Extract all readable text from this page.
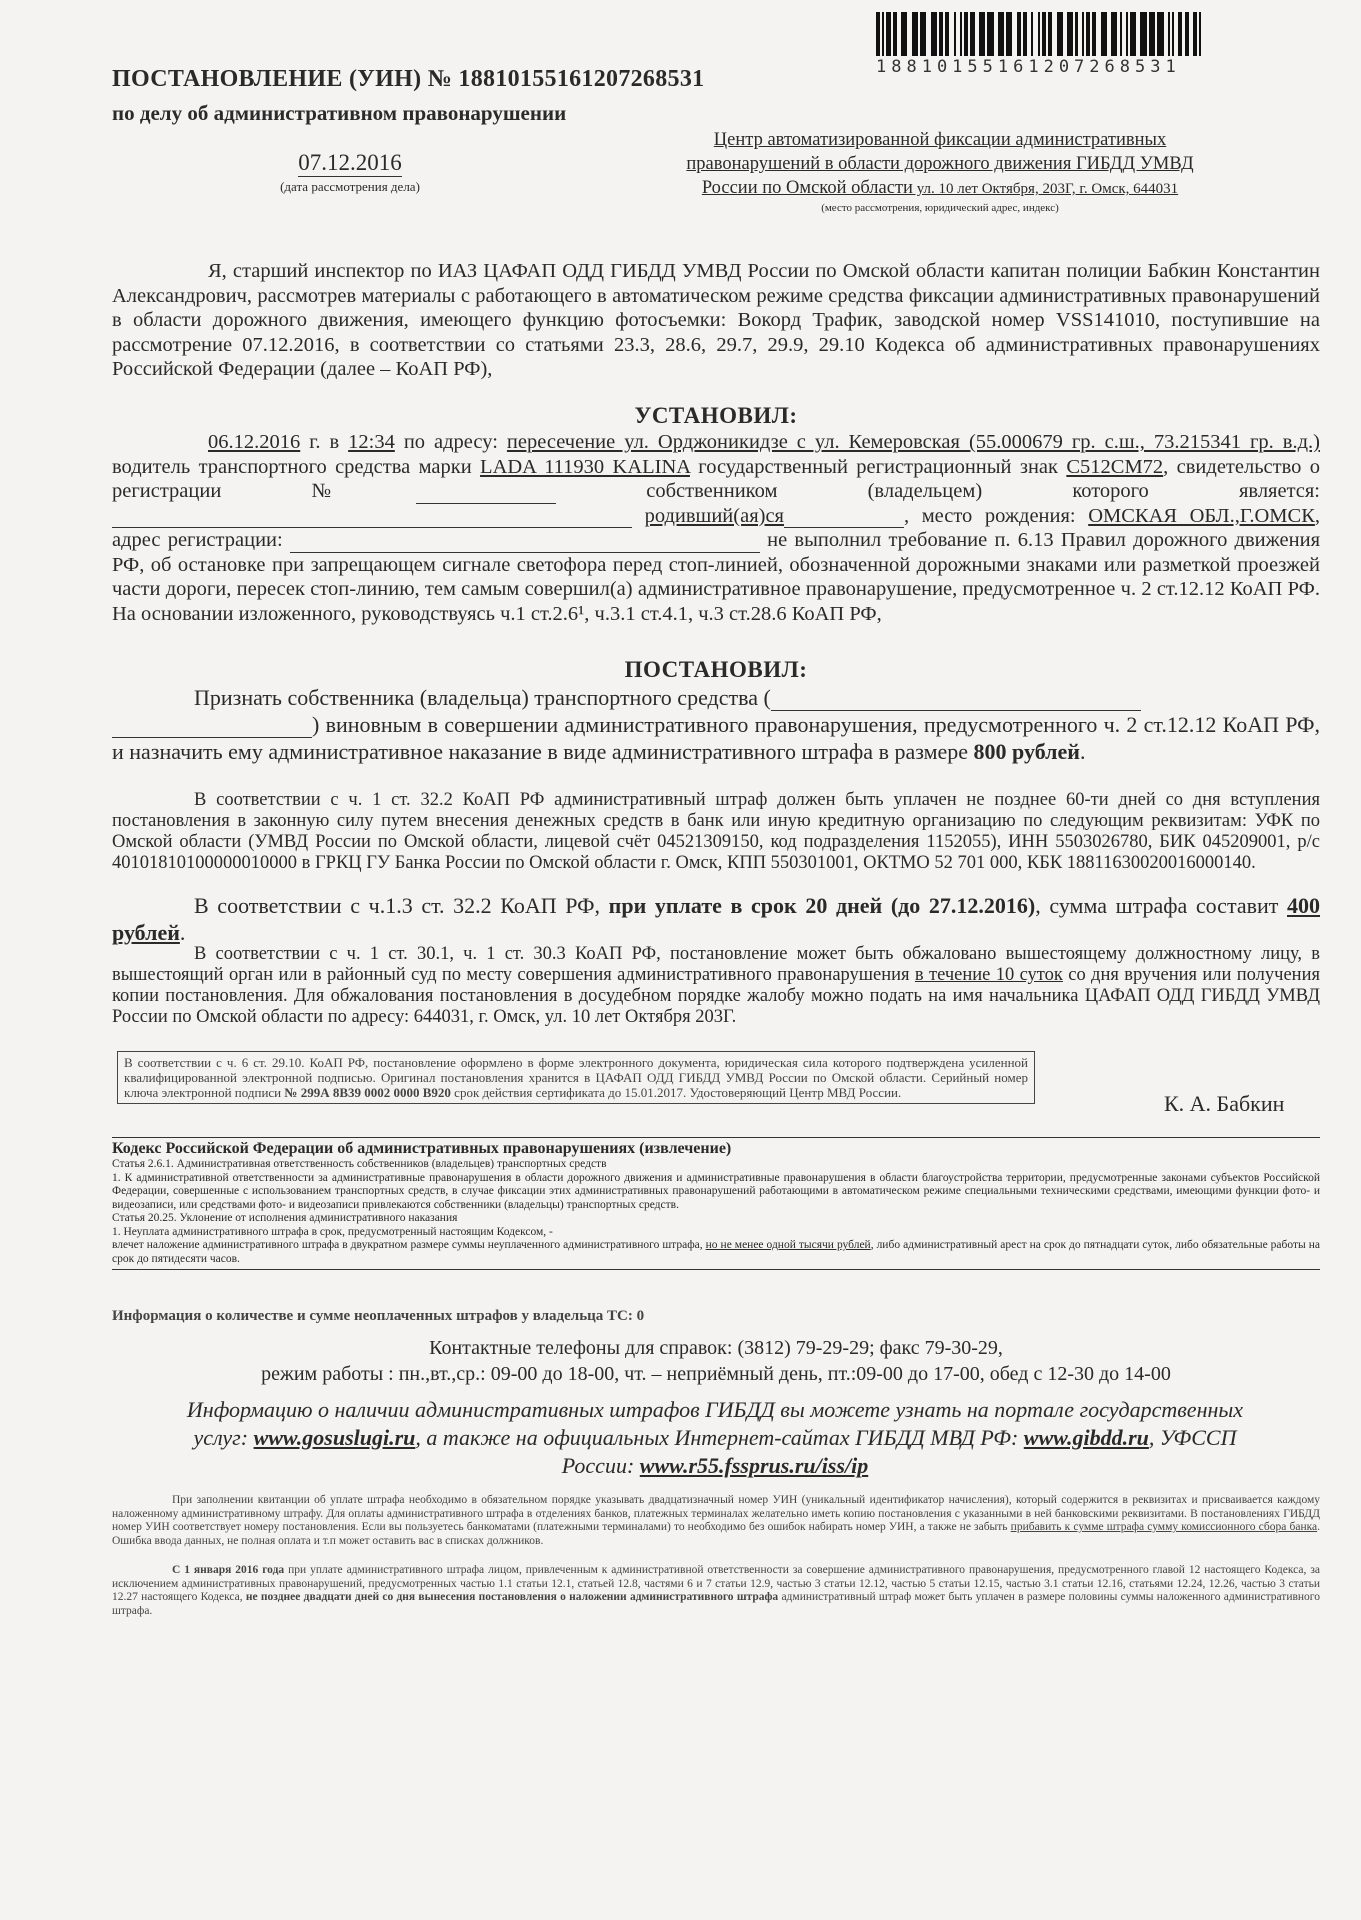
18810155161207268531
ПОСТАНОВЛЕНИЕ (УИН) № 18810155161207268531
по делу об административном правонарушении
07.12.2016
(дата рассмотрения дела)
Центр автоматизированной фиксации административных
правонарушений в области дорожного движения ГИБДД УМВД
России по Омской области ул. 10 лет Октября, 203Г, г. Омск, 644031
(место рассмотрения, юридический адрес, индекс)

Я, старший инспектор по ИАЗ ЦАФАП ОДД ГИБДД УМВД России по Омской области капитан полиции Бабкин Константин Александрович, рассмотрев материалы с работающего в автоматическом режиме средства фиксации административных правонарушений в области дорожного движения, имеющего функцию фотосъемки: Вокорд Трафик, заводской номер VSS141010, поступившие на рассмотрение 07.12.2016, в соответствии со статьями 23.3, 28.6, 29.7, 29.9, 29.10 Кодекса об административных правонарушениях Российской Федерации (далее – КоАП РФ),

УСТАНОВИЛ:

06.12.2016 г. в 12:34 по адресу: пересечение ул. Орджоникидзе с ул. Кемеровская (55.000679 гр. с.ш., 73.215341 гр. в.д.) водитель транспортного средства марки LADA 111930 KALINA государственный регистрационный знак С512СМ72, свидетельство о регистрации №	собственником (владельцем) которого является:  родивший(ая)ся	, место рождения: ОМСКАЯ ОБЛ.,Г.ОМСК, адрес регистрации:	не выполнил требование п. 6.13 Правил дорожного движения РФ, об остановке при запрещающем сигнале светофора перед стоп-линией, обозначенной дорожными знаками или разметкой проезжей части дороги, пересек стоп-линию, тем самым совершил(а) административное правонарушение, предусмотренное ч. 2 ст.12.12 КоАП РФ. На основании изложенного, руководствуясь ч.1 ст.2.6¹, ч.3.1 ст.4.1, ч.3 ст.28.6 КоАП РФ,

ПОСТАНОВИЛ:

Признать собственника (владельца) транспортного средства (
) виновным в совершении административного правонарушения, предусмотренного ч. 2 ст.12.12 КоАП РФ, и назначить ему административное наказание в виде административного штрафа в размере 800 рублей.

В соответствии с ч. 1 ст. 32.2 КоАП РФ административный штраф должен быть уплачен не позднее 60-ти дней со дня вступления постановления в законную силу путем внесения денежных средств в банк или иную кредитную организацию по следующим реквизитам: УФК по Омской области (УМВД России по Омской области, лицевой счёт 04521309150, код подразделения 1152055), ИНН 5503026780, БИК 045209001, р/с 40101810100000010000 в ГРКЦ ГУ Банка России по Омской области г. Омск, КПП 550301001, ОКТМО 52 701 000, КБК 18811630020016000140.

В соответствии с ч.1.3 ст. 32.2 КоАП РФ, при уплате в срок 20 дней (до 27.12.2016), сумма штрафа составит 400 рублей.

В соответствии с ч. 1 ст. 30.1, ч. 1 ст. 30.3 КоАП РФ, постановление может быть обжаловано вышестоящему должностному лицу, в вышестоящий орган или в районный суд по месту совершения административного правонарушения в течение 10 суток со дня вручения или получения копии постановления. Для обжалования постановления в досудебном порядке жалобу можно подать на имя начальника ЦАФАП ОДД ГИБДД УМВД России по Омской области по адресу: 644031, г. Омск, ул. 10 лет Октября 203Г.

В соответствии с ч. 6 ст. 29.10. КоАП РФ, постановление оформлено в форме электронного документа, юридическая сила которого подтверждена усиленной квалифицированной электронной подписью. Оригинал постановления хранится в ЦАФАП ОДД ГИБДД УМВД России по Омской области. Серийный номер ключа электронной подписи № 299А 8В39 0002 0000 В920 срок действия сертификата до 15.01.2017. Удостоверяющий Центр МВД России.	К. А. Бабкин
Кодекс Российской Федерации об административных правонарушениях (извлечение)
Статья 2.6.1. Административная ответственность собственников (владельцев) транспортных средств
1. К административной ответственности за административные правонарушения в области дорожного движения и административные правонарушения в области благоустройства территории, предусмотренные законами субъектов Российской Федерации, совершенные с использованием транспортных средств, в случае фиксации этих административных правонарушений работающими в автоматическом режиме специальными техническими средствами, имеющими функции фото- и видеозаписи, или средствами фото- и видеозаписи привлекаются собственники (владельцы) транспортных средств.
Статья 20.25. Уклонение от исполнения административного наказания
1. Неуплата административного штрафа в срок, предусмотренный настоящим Кодексом, -
влечет наложение административного штрафа в двукратном размере суммы неуплаченного административного штрафа, но не менее одной тысячи рублей, либо административный арест на срок до пятнадцати суток, либо обязательные работы на срок до пятидесяти часов.
Информация о количестве и сумме неоплаченных штрафов у владельца ТС: 0
Контактные телефоны для справок: (3812) 79-29-29; факс 79-30-29,
режим работы : пн.,вт.,ср.: 09-00 до 18-00, чт. – неприёмный день, пт.:09-00 до 17-00, обед с 12-30 до 14-00

Информацию о наличии административных штрафов ГИБДД вы можете узнать на портале государственных услуг: www.gosuslugi.ru, а также на официальных Интернет-сайтах ГИБДД МВД РФ: www.gibdd.ru, УФССП России: www.r55.fssprus.ru/iss/ip

При заполнении квитанции об уплате штрафа необходимо в обязательном порядке указывать двадцатизначный номер УИН (уникальный идентификатор начисления), который содержится в реквизитах и присваивается каждому наложенному административному штрафу. Для оплаты административного штрафа в отделениях банков, платежных терминалах желательно иметь копию постановления с указанными в ней банковскими реквизитами. В постановлениях ГИБДД номер УИН соответствует номеру постановления. Если вы пользуетесь банкоматами (платежными терминалами) то необходимо без ошибок набирать номер УИН, а также не забыть прибавить к сумме штрафа сумму комиссионного сбора банка. Ошибка ввода данных, не полная оплата и т.п может оставить вас в списках должников.

С 1 января 2016 года при уплате административного штрафа лицом, привлеченным к административной ответственности за совершение административного правонарушения, предусмотренного главой 12 настоящего Кодекса, за исключением административных правонарушений, предусмотренных частью 1.1 статьи 12.1, статьей 12.8, частями 6 и 7 статьи 12.9, частью 3 статьи 12.12, частью 5 статьи 12.15, частью 3.1 статьи 12.16, статьями 12.24, 12.26, частью 3 статьи 12.27 настоящего Кодекса, не позднее двадцати дней со дня вынесения постановления о наложении административного штрафа административный штраф может быть уплачен в размере половины суммы наложенного административного штрафа.
